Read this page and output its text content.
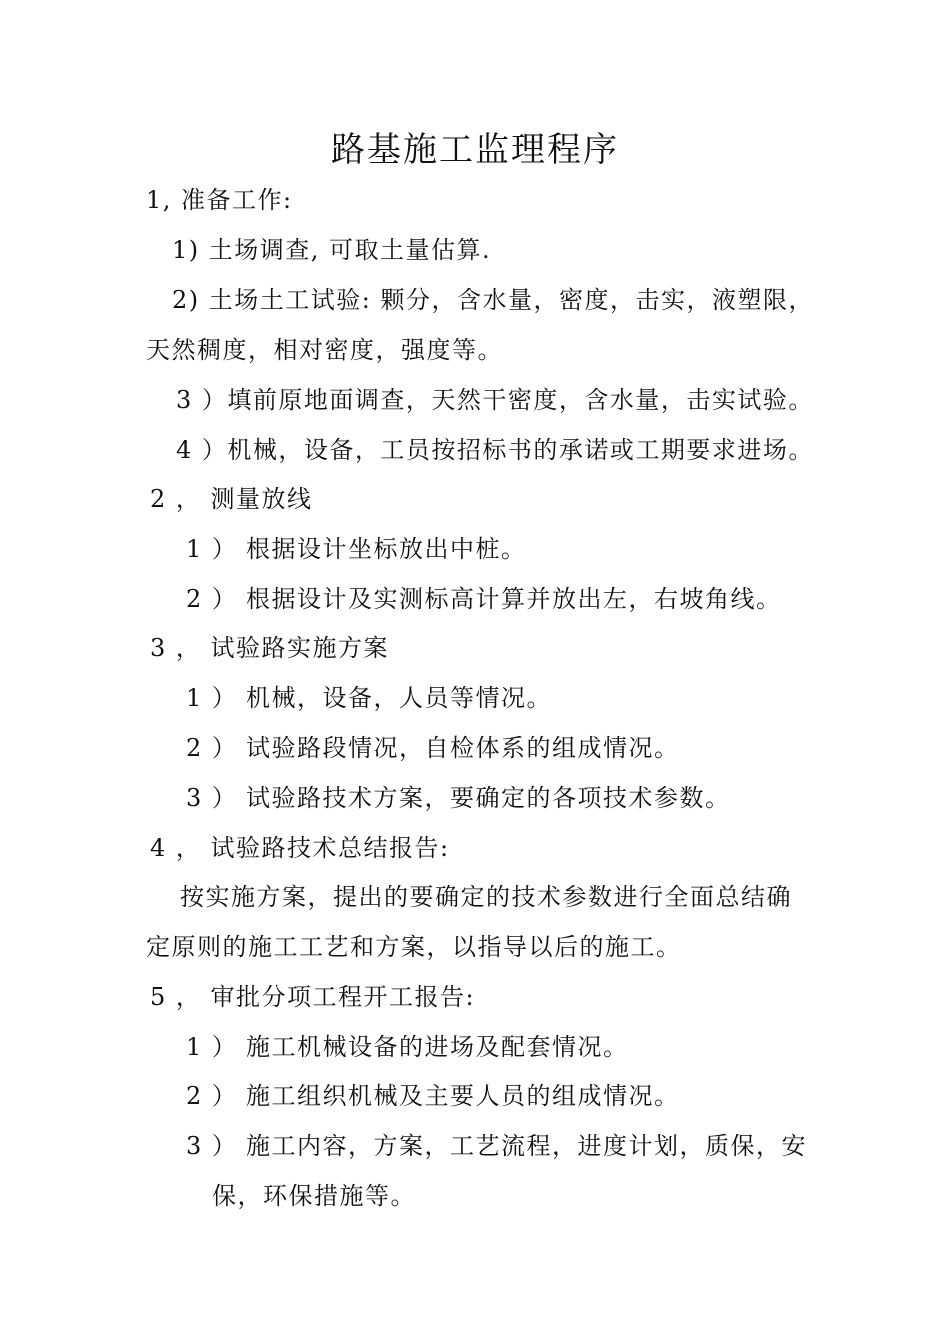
路基施工监理程序
1, 准备工作:
1) 土场调查, 可取土量估算.
2) 土场土工试验: 颗分，含水量，密度，击实，液塑限，
天然稠度，相对密度，强度等。
3 ）填前原地面调查，天然干密度，含水量，击实试验。
4 ）机械，设备，工员按招标书的承诺或工期要求进场。
2 ， 测量放线
1 ） 根据设计坐标放出中桩。
2 ） 根据设计及实测标高计算并放出左，右坡角线。
3 ， 试验路实施方案
1 ） 机械，设备，人员等情况。
2 ） 试验路段情况，自检体系的组成情况。
3 ） 试验路技术方案，要确定的各项技术参数。
4 ， 试验路技术总结报告:
按实施方案，提出的要确定的技术参数进行全面总结确
定原则的施工工艺和方案，以指导以后的施工。
5 ， 审批分项工程开工报告:
1 ） 施工机械设备的进场及配套情况。
2 ） 施工组织机械及主要人员的组成情况。
3 ） 施工内容，方案，工艺流程，进度计划，质保，安
保，环保措施等。
